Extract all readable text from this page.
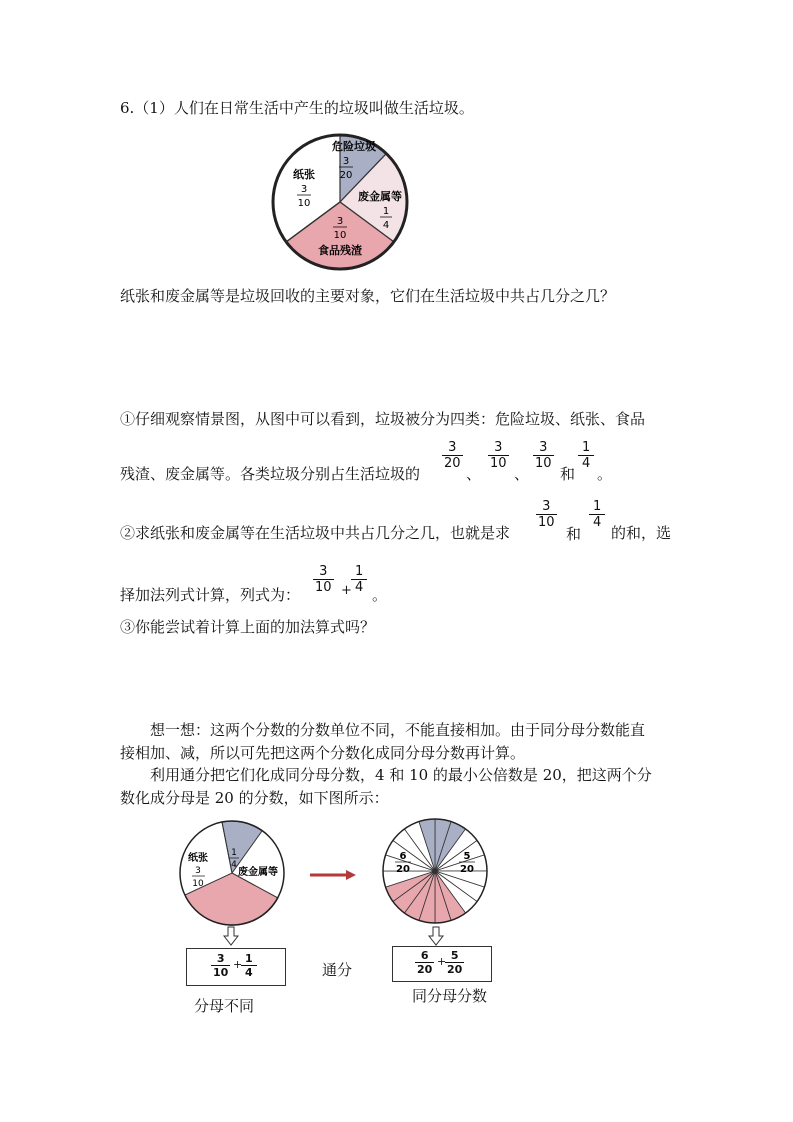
6.（1）人们在日常生活中产生的垃圾叫做生活垃圾。
危险垃圾
3
20
纸张
3
10
废金属等
1
4
3
10
食品残渣
纸张和废金属等是垃圾回收的主要对象，它们在生活垃圾中共占几分之几？
①仔细观察情景图，从图中可以看到，垃圾被分为四类：危险垃圾、纸张、食品
残渣、废金属等。各类垃圾分别占生活垃圾的
$\frac{3}{20}$
、
$\frac{3}{10}$
、
$\frac{3}{10}$
和
$\frac{1}{4}$
。
②求纸张和废金属等在生活垃圾中共占几分之几，也就是求
$\frac{3}{10}$
和
$\frac{1}{4}$
的和，选
择加法列式计算，列式为： $\frac{3}{10} + \frac{1}{4}$ 。
③你能尝试着计算上面的加法算式吗？
想一想：这两个分数的分数单位不同，不能直接相加。由于同分母分数能直
接相加、减，所以可先把这两个分数化成同分母分数再计算。
利用通分把它们化成同分母分数，4 和 10 的最小公倍数是 20，把这两个分
数化成分母是 20 的分数，如下图所示：
纸张
3
10
1
4
废金属等
6
20
5
20
$\frac{3}{10}$ +
$\frac{1}{4}$	$\frac{6}{20}$ +
$\frac{5}{20}$
通分
分母不同
同分母分数
